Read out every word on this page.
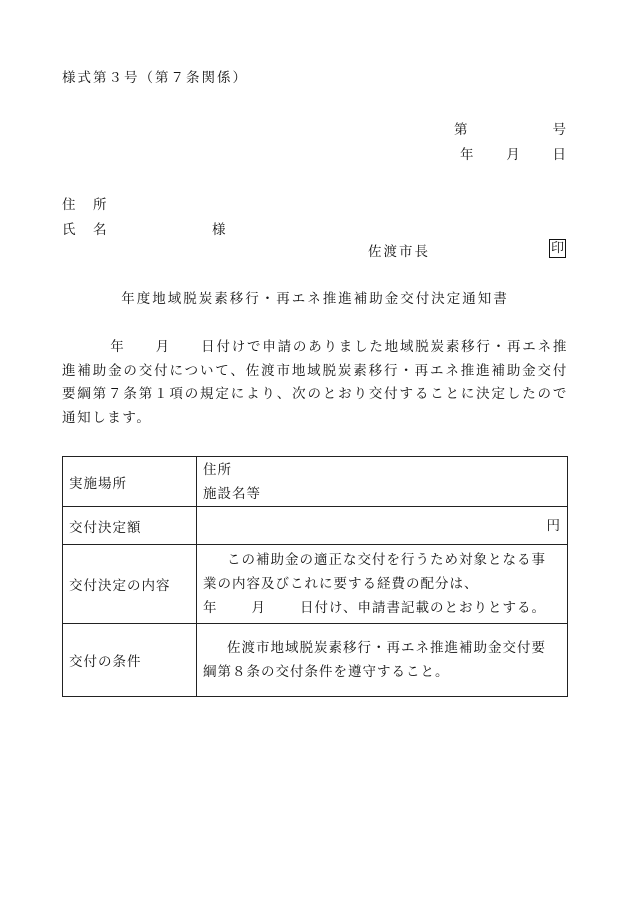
様式第３号（第７条関係）
第	号
年 月 日
住　所
氏　名	様
佐渡市長	印
年度地域脱炭素移行・再エネ推進補助金交付決定通知書
年 月 日付けで申請のありました地域脱炭素移行・再エネ推進補助金の交付について、佐渡市地域脱炭素移行・再エネ推進補助金交付要綱第７条第１項の規定により、次のとおり交付することに決定したので通知します。
実施場所	住所
施設名等

交付決定額	円
交付決定の内容	この補助金の適正な交付を行うため対象となる事
業の内容及びこれに要する経費の配分は、
年 月 日付け、申請書記載のとおりとする。

交付の条件	佐渡市地域脱炭素移行・再エネ推進補助金交付要
綱第８条の交付条件を遵守すること。
